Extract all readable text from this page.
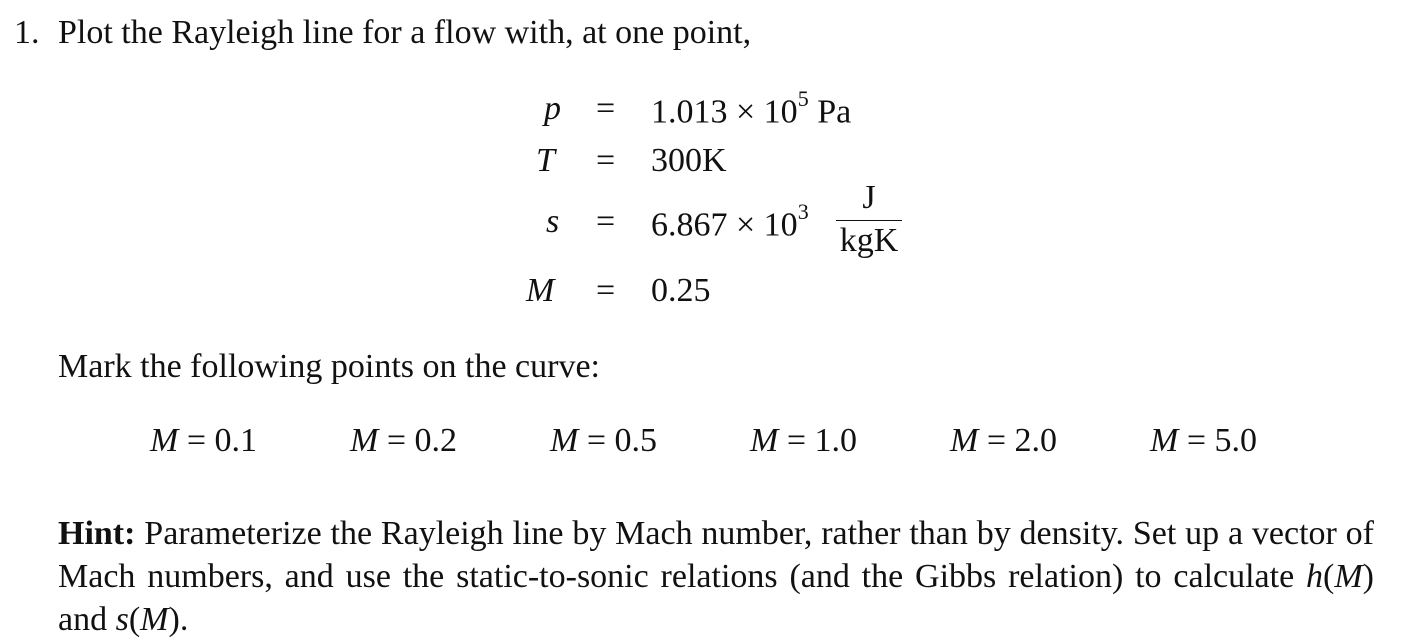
1. Plot the Rayleigh line for a flow with, at one point,
$p = 1.013 \times 10^5$ Pa
T = 300K
$s = 6.867 \times 10^3$	J
kgK
M = 0.25
Mark the following points on the curve:
M = 0.1	M = 0.2	M = 0.5	M = 1.0	M = 2.0	M = 5.0
Hint: Parameterize the Rayleigh line by Mach number, rather than by density. Set up a vector of Mach numbers, and use the static-to-sonic relations (and the Gibbs relation) to calculate h(M) and s(M).
